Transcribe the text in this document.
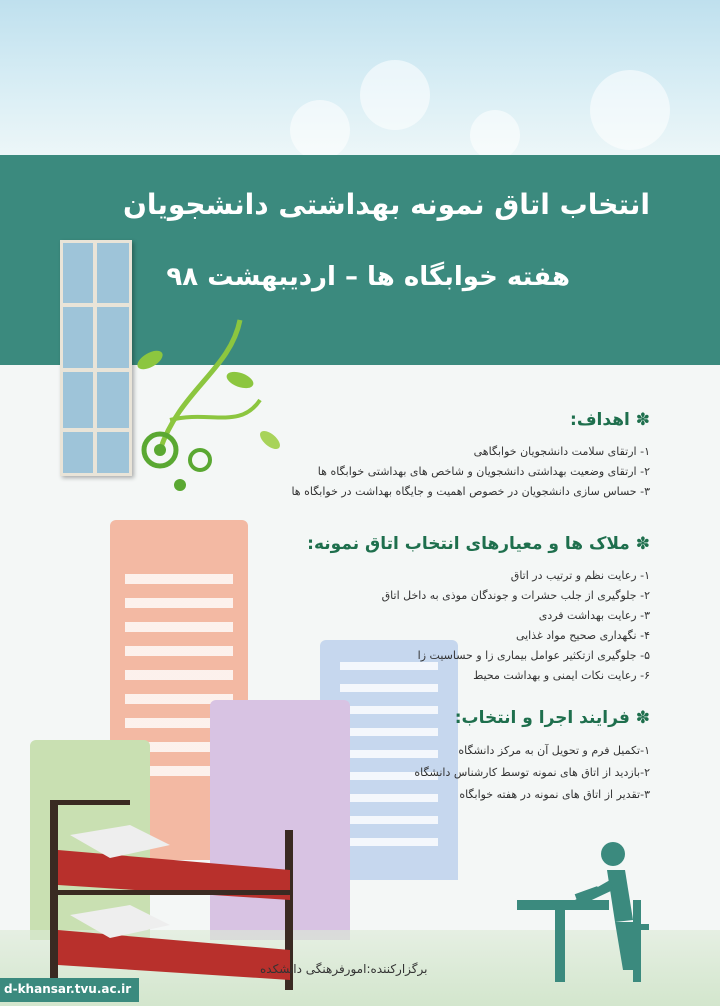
انتخاب اتاق نمونه بهداشتی دانشجویان
هفته خوابگاه ها – اردیبهشت ۹۸
✽ اهداف:
۱- ارتقای سلامت دانشجویان خوابگاهی
۲- ارتقای وضعیت بهداشتی دانشجویان و شاخص های بهداشتی خوابگاه ها
۳- حساس سازی دانشجویان در خصوص اهمیت و جایگاه بهداشت در خوابگاه ها
✽ ملاک ها و معیارهای انتخاب اتاق نمونه:
۱- رعایت نظم و ترتیب در اتاق
۲- جلوگیری از جلب حشرات و جوندگان موذی به داخل اتاق
۳- رعایت بهداشت فردی
۴- نگهداری صحیح مواد غذایی
۵- جلوگیری ازتکثیر عوامل بیماری زا و حساسیت زا
۶- رعایت نکات ایمنی و بهداشت محیط
✽ فرایند اجرا و انتخاب:
۱-تکمیل فرم و تحویل آن به مرکز دانشگاه
۲-بازدید از اتاق های نمونه توسط کارشناس دانشگاه
۳-تقدیر از اتاق های نمونه در هفته خوابگاه
برگزارکننده:امورفرهنگی دانشکده
d-khansar.tvu.ac.ir
